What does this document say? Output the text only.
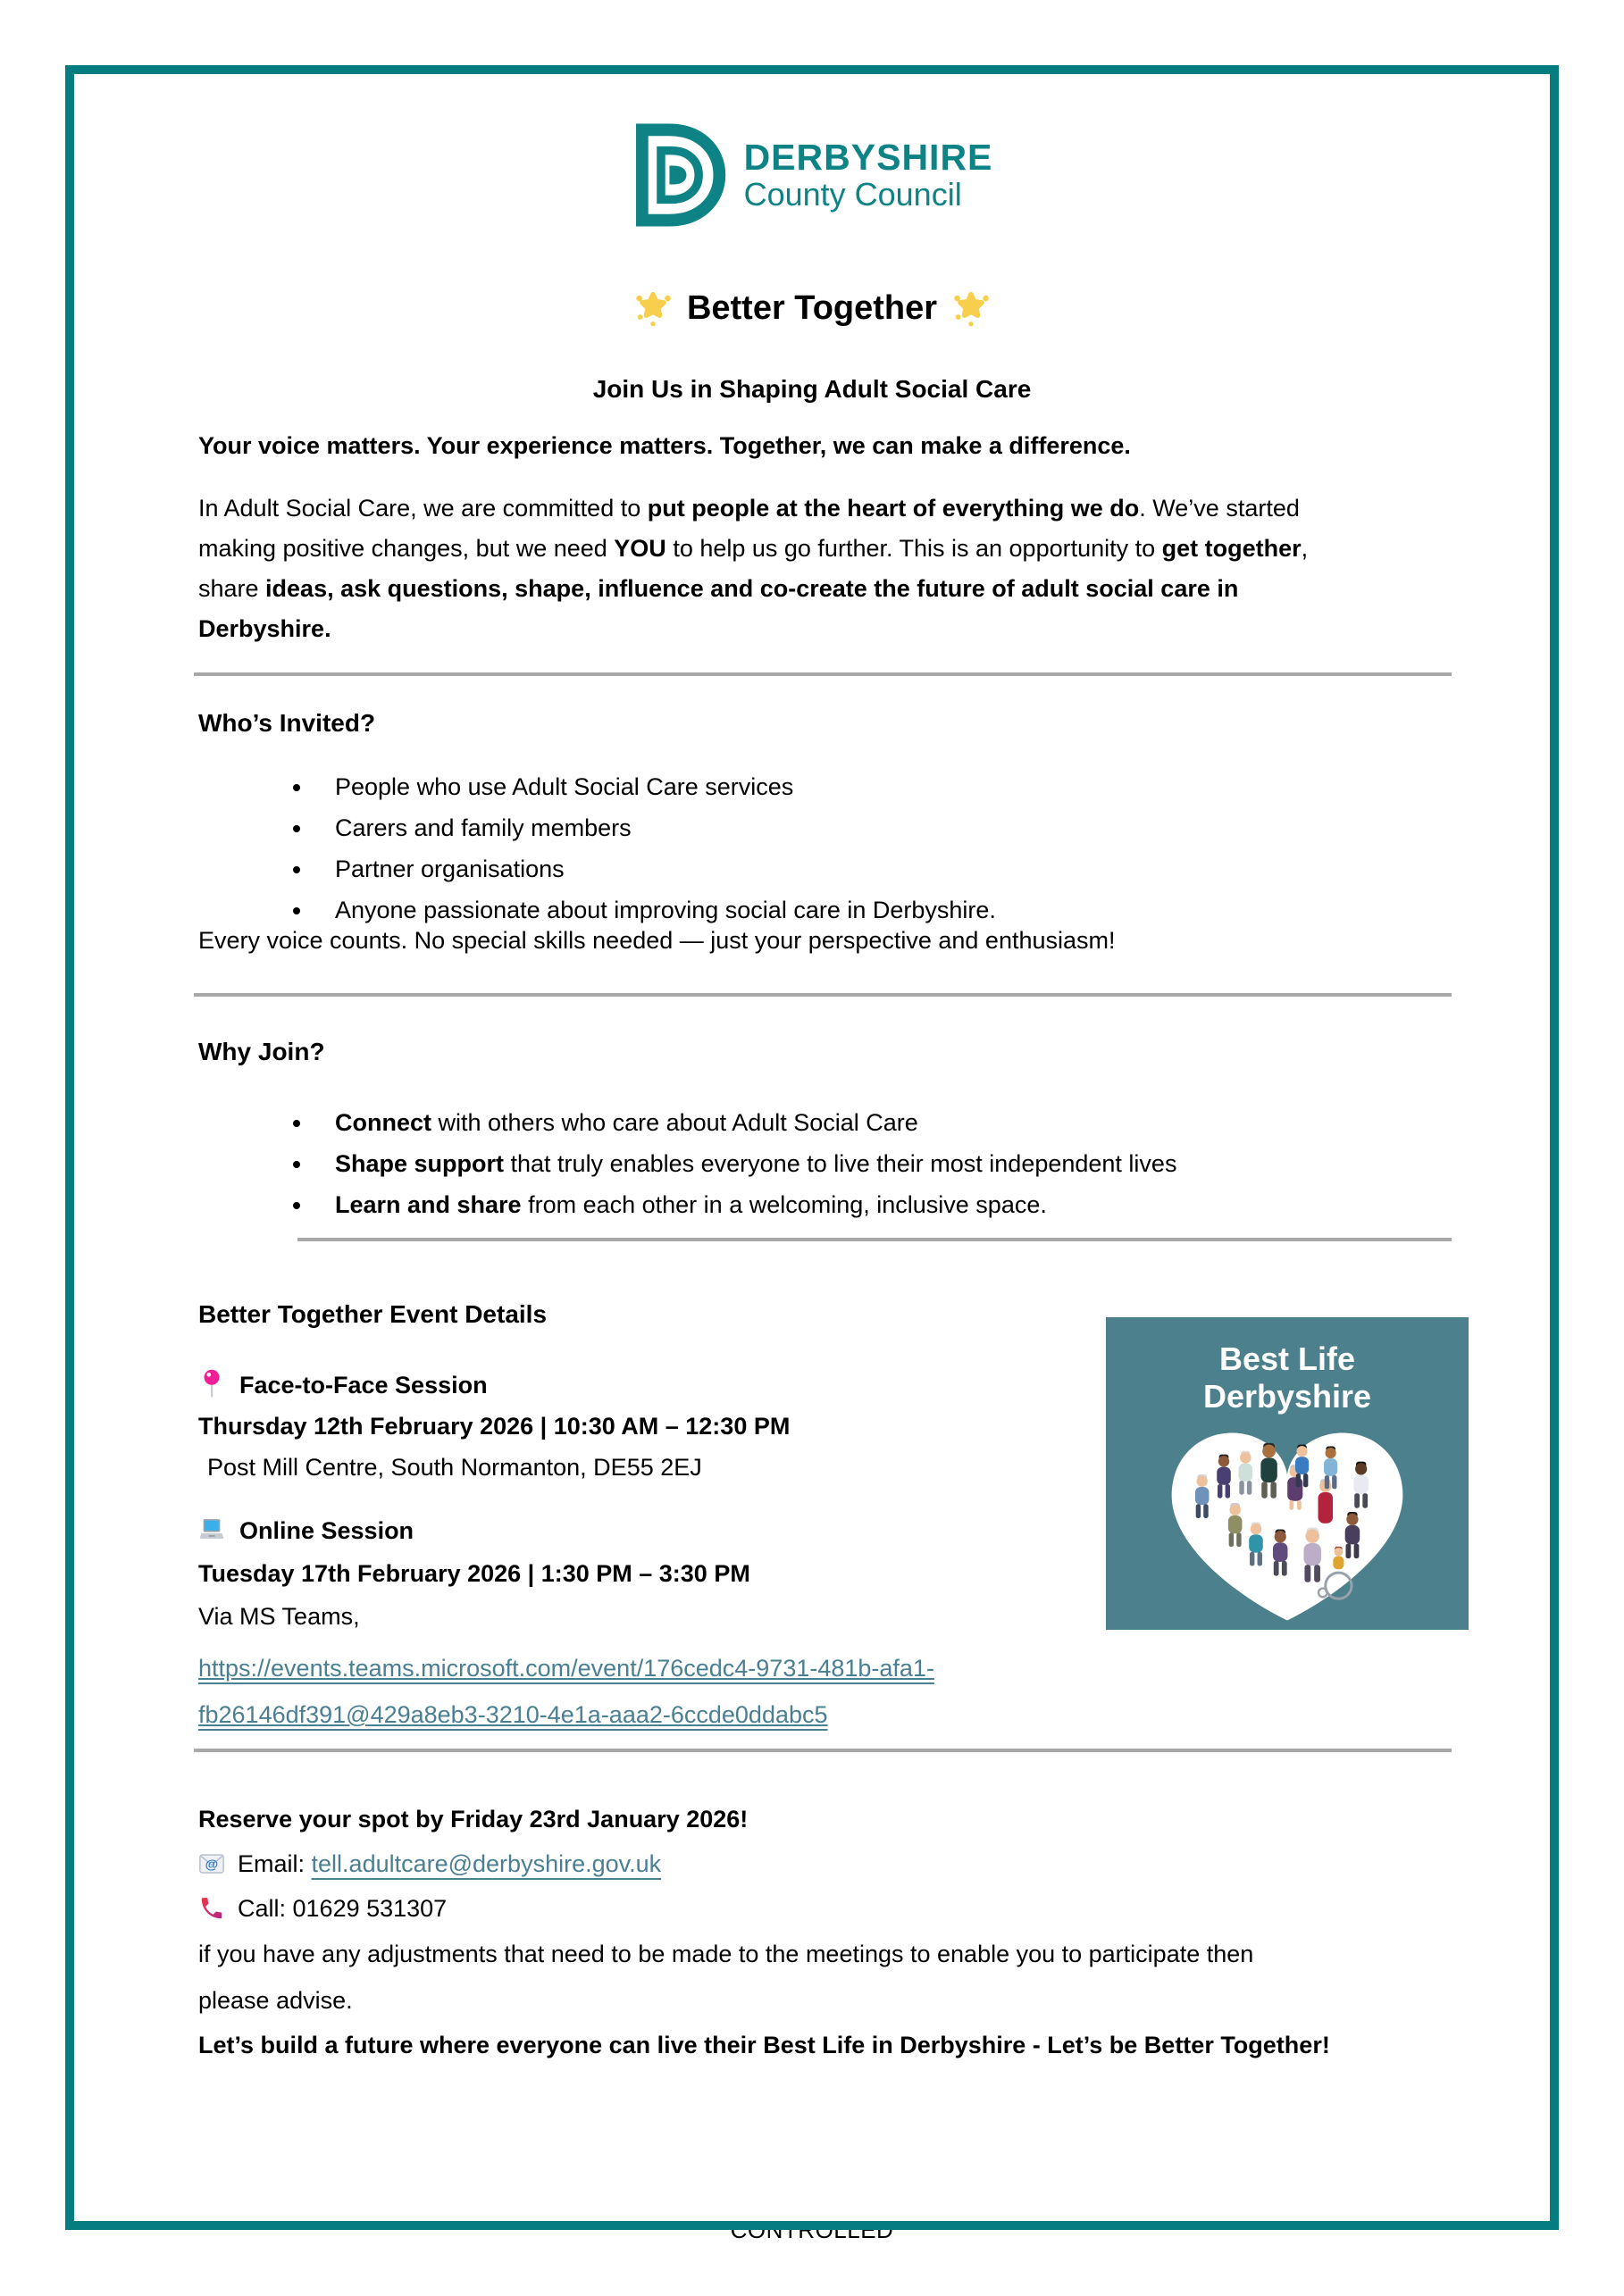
DERBYSHIRE
County Council
Better Together
Join Us in Shaping Adult Social Care
Your voice matters. Your experience matters. Together, we can make a difference.
In Adult Social Care, we are committed to put people at the heart of everything we do. We’ve started making positive changes, but we need YOU to help us go further. This is an opportunity to get together, share ideas, ask questions, shape, influence and co-create the future of adult social care in Derbyshire.
Who’s Invited?
People who use Adult Social Care services
Carers and family members
Partner organisations
Anyone passionate about improving social care in Derbyshire.
Every voice counts. No special skills needed — just your perspective and enthusiasm!
Why Join?
Connect with others who care about Adult Social Care
Shape support that truly enables everyone to live their most independent lives
Learn and share from each other in a welcoming, inclusive space.
Better Together Event Details
Face-to-Face Session
Thursday 12th February 2026 | 10:30 AM – 12:30 PM
Post Mill Centre, South Normanton, DE55 2EJ
Online Session
Tuesday 17th February 2026 | 1:30 PM – 3:30 PM
Via MS Teams,
https://events.teams.microsoft.com/event/176cedc4-9731-481b-afa1-
fb26146df391@429a8eb3-3210-4e1a-aaa2-6ccde0ddabc5
Reserve your spot by Friday 23rd January 2026!
@ Email: tell.adultcare@derbyshire.gov.uk
Call: 01629 531307
if you have any adjustments that need to be made to the meetings to enable you to participate then please advise.
Let’s build a future where everyone can live their Best Life in Derbyshire - Let’s be Better Together!
Best Life
Derbyshire
CONTROLLED
